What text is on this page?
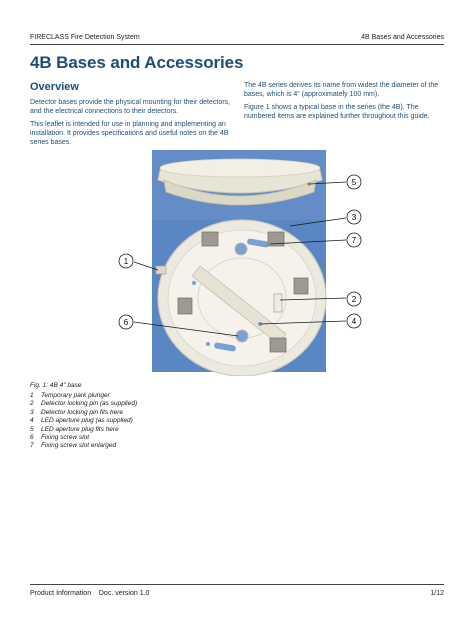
FIRECLASS Fire Detection System	4B Bases and Accessories
4B Bases and Accessories
Overview

Detector bases provide the physical mounting for their detectors, and the electrical connections to their detectors.

This leaflet is intended for use in planning and implementing an installation. It provides specifications and useful notes on the 4B series bases.

The 4B series derives its name from widest the diameter of the bases, which is 4" (approximately 100 mm).

Figure 1 shows a typical base in the series (the 4B). The numbered items are explained further throughout this guide.

1
2
3
4
5
6
7
Fig. 1: 4B 4" base
1	Temporary park plunger
2	Detector locking pin (as supplied)
3	Detector locking pin fits here
4	LED aperture plug (as supplied)
5	LED aperture plug fits here
6	Fixing screw slot
7	Fixing screw slot enlarged
Product Information    Doc. version 1.0	1/12
